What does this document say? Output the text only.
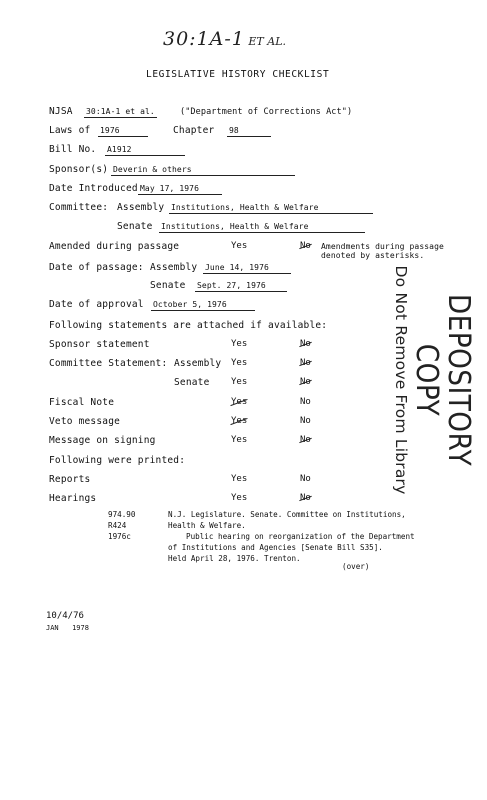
30:1A-1 ET AL.
LEGISLATIVE HISTORY CHECKLIST
NJSA 30:1A-1 et al.	("Department of Corrections Act")
Laws of 1976	Chapter 98
Bill No. A1912
Sponsor(s) Deverin & others
Date Introduced May 17, 1976
Committee: Assembly Institutions, Health & Welfare
Senate Institutions, Health & Welfare
Amended during passage	Yes	No Amendments during passage
denoted by asterisks.
Date of passage: Assembly June 14, 1976
Senate Sept. 27, 1976
Date of approval October 5, 1976
Following statements are attached if available:
Sponsor statement	Yes	No
Committee Statement: Assembly Yes	No
Senate Yes	No
Fiscal Note	Yes	No
Veto message	Yes	No
Message on signing	Yes	No
Following were printed:
Reports	Yes	No
Hearings	Yes	No
974.90
R424
1976c
N.J. Legislature. Senate. Committee on Institutions,
Health & Welfare.
Public hearing on reorganization of the Department
of Institutions and Agencies [Senate Bill S35].
Held April 28, 1976. Trenton.
(over)
DEPOSITORY COPY
Do Not Remove From Library
10/4/76
JAN 1978
